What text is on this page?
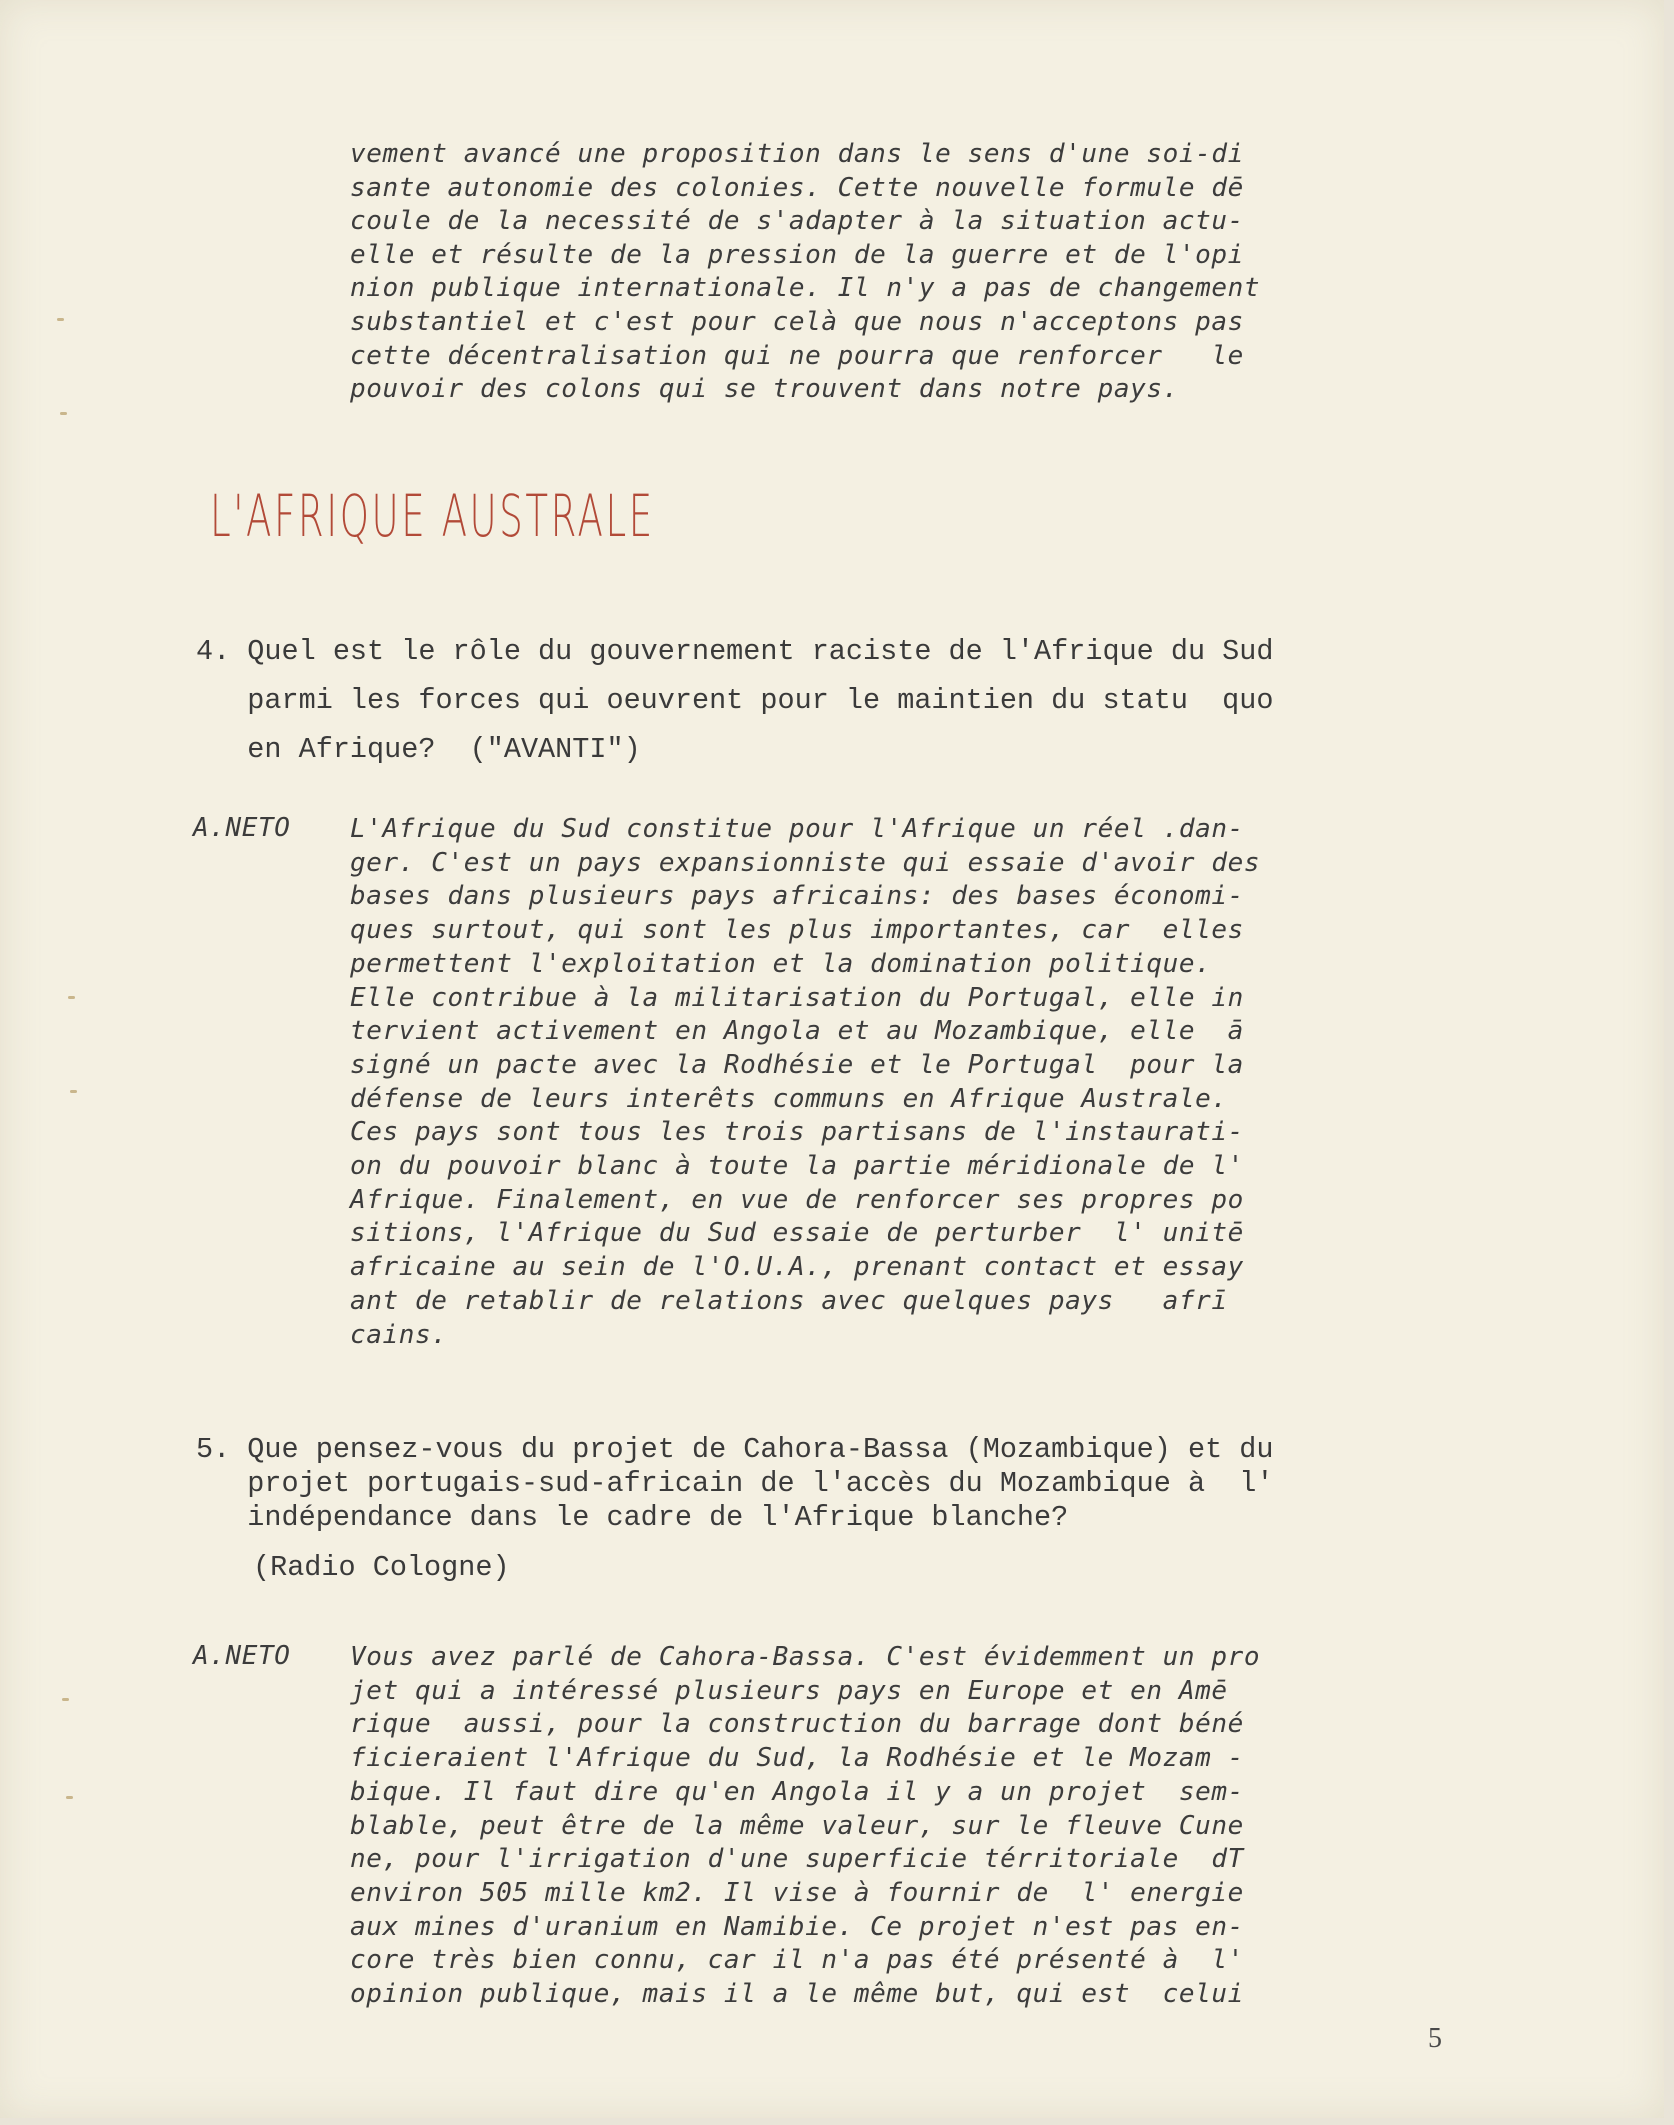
vement avancé une proposition dans le sens d'une soi-di
sante autonomie des colonies. Cette nouvelle formule dē
coule de la necessité de s'adapter à la situation actu-
elle et résulte de la pression de la guerre et de l'opi
nion publique internationale. Il n'y a pas de changement
substantiel et c'est pour celà que nous n'acceptons pas
cette décentralisation qui ne pourra que renforcer   le
pouvoir des colons qui se trouvent dans notre pays.
L'AFRIQUE AUSTRALE
4. Quel est le rôle du gouvernement raciste de l'Afrique du Sud
parmi les forces qui oeuvrent pour le maintien du statu  quo
en Afrique?  ("AVANTI")
A.NETO L'Afrique du Sud constitue pour l'Afrique un réel .dan-
ger. C'est un pays expansionniste qui essaie d'avoir des
bases dans plusieurs pays africains: des bases économi-
ques surtout, qui sont les plus importantes, car  elles
permettent l'exploitation et la domination politique.
Elle contribue à la militarisation du Portugal, elle in
tervient activement en Angola et au Mozambique, elle  ā
signé un pacte avec la Rodhésie et le Portugal  pour la
défense de leurs interêts communs en Afrique Australe.
Ces pays sont tous les trois partisans de l'instaurati-
on du pouvoir blanc à toute la partie méridionale de l'
Afrique. Finalement, en vue de renforcer ses propres po
sitions, l'Afrique du Sud essaie de perturber  l' unitē
africaine au sein de l'O.U.A., prenant contact et essay
ant de retablir de relations avec quelques pays   afrī
cains.
5. Que pensez-vous du projet de Cahora-Bassa (Mozambique) et du
projet portugais-sud-africain de l'accès du Mozambique à  l'
indépendance dans le cadre de l'Afrique blanche?
(Radio Cologne)
A.NETO Vous avez parlé de Cahora-Bassa. C'est évidemment un pro
jet qui a intéressé plusieurs pays en Europe et en Amē
rique  aussi, pour la construction du barrage dont béné
ficieraient l'Afrique du Sud, la Rodhésie et le Mozam -
bique. Il faut dire qu'en Angola il y a un projet  sem-
blable, peut être de la même valeur, sur le fleuve Cune
ne, pour l'irrigation d'une superficie térritoriale  dT
environ 505 mille km2. Il vise à fournir de  l' energie
aux mines d'uranium en Namibie. Ce projet n'est pas en-
core très bien connu, car il n'a pas été présenté à  l'
opinion publique, mais il a le même but, qui est  celui
5
